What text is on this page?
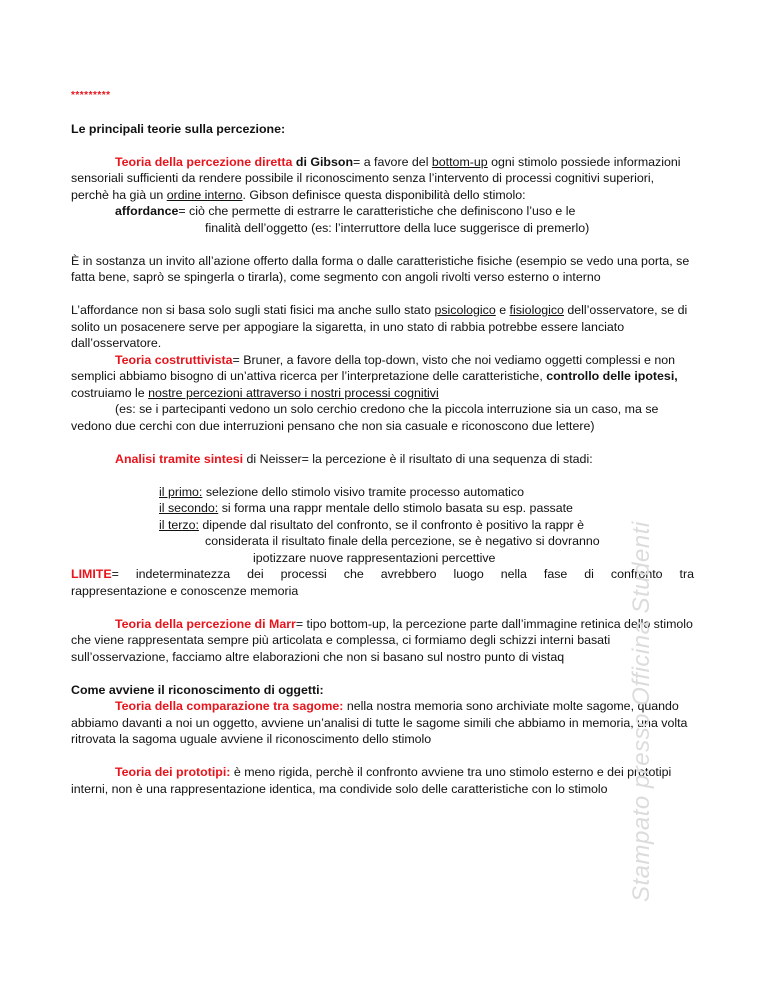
*********

Le principali teorie sulla percezione:

Teoria della percezione diretta di Gibson= a favore del bottom-up ogni stimolo possiede informazioni sensoriali sufficienti da rendere possibile il riconoscimento senza l’intervento di processi cognitivi superiori, perchè ha già un ordine interno. Gibson definisce questa disponibilità dello stimolo:

affordance= ciò che permette di estrarre le caratteristiche che definiscono l’uso e le

finalità dell’oggetto (es: l’interruttore della luce suggerisce di premerlo)

È in sostanza un invito all’azione offerto dalla forma o dalle caratteristiche fisiche (esempio se vedo una porta, se fatta bene, saprò se spingerla o tirarla), come segmento con angoli rivolti verso esterno o interno

L’affordance non si basa solo sugli stati fisici ma anche sullo stato psicologico e fisiologico dell’osservatore, se di solito un posacenere serve per appogiare la sigaretta, in uno stato di rabbia potrebbe essere lanciato dall’osservatore.

Teoria costruttivista= Bruner, a favore della top-down, visto che noi vediamo oggetti complessi e non semplici abbiamo bisogno di un’attiva ricerca per l’interpretazione delle caratteristiche, controllo delle ipotesi, costruiamo le nostre percezioni attraverso i nostri processi cognitivi

(es: se i partecipanti vedono un solo cerchio credono che la piccola interruzione sia un caso, ma se vedono due cerchi con due interruzioni pensano che non sia casuale e riconoscono due lettere)

Analisi tramite sintesi di Neisser= la percezione è il risultato di una sequenza di stadi:

il primo: selezione dello stimolo visivo tramite processo automatico

il secondo: si forma una rappr mentale dello stimolo basata su esp. passate

il terzo: dipende dal risultato del confronto, se il confronto è positivo la rappr è

considerata il risultato finale della percezione, se è negativo si dovranno

ipotizzare nuove rappresentazioni percettive

LIMITE= indeterminatezza dei processi che avrebbero luogo nella fase di confronto tra

rappresentazione e conoscenze memoria

Teoria della percezione di Marr= tipo bottom-up, la percezione parte dall’immagine retinica dello stimolo che viene rappresentata sempre più articolata e complessa, ci formiamo degli schizzi interni basati sull’osservazione, facciamo altre elaborazioni che non si basano sul nostro punto di vistaq

Come avviene il riconoscimento di oggetti:

Teoria della comparazione tra sagome: nella nostra memoria sono archiviate molte sagome, quando abbiamo davanti a noi un oggetto, avviene un’analisi di tutte le sagome simili che abbiamo in memoria, una volta ritrovata la sagoma uguale avviene il riconoscimento dello stimolo

Teoria dei prototipi: è meno rigida, perchè il confronto avviene tra uno stimolo esterno e dei prototipi interni, non è una rappresentazione identica, ma condivide solo delle caratteristiche con lo stimolo Stampato presso Officina Studenti
